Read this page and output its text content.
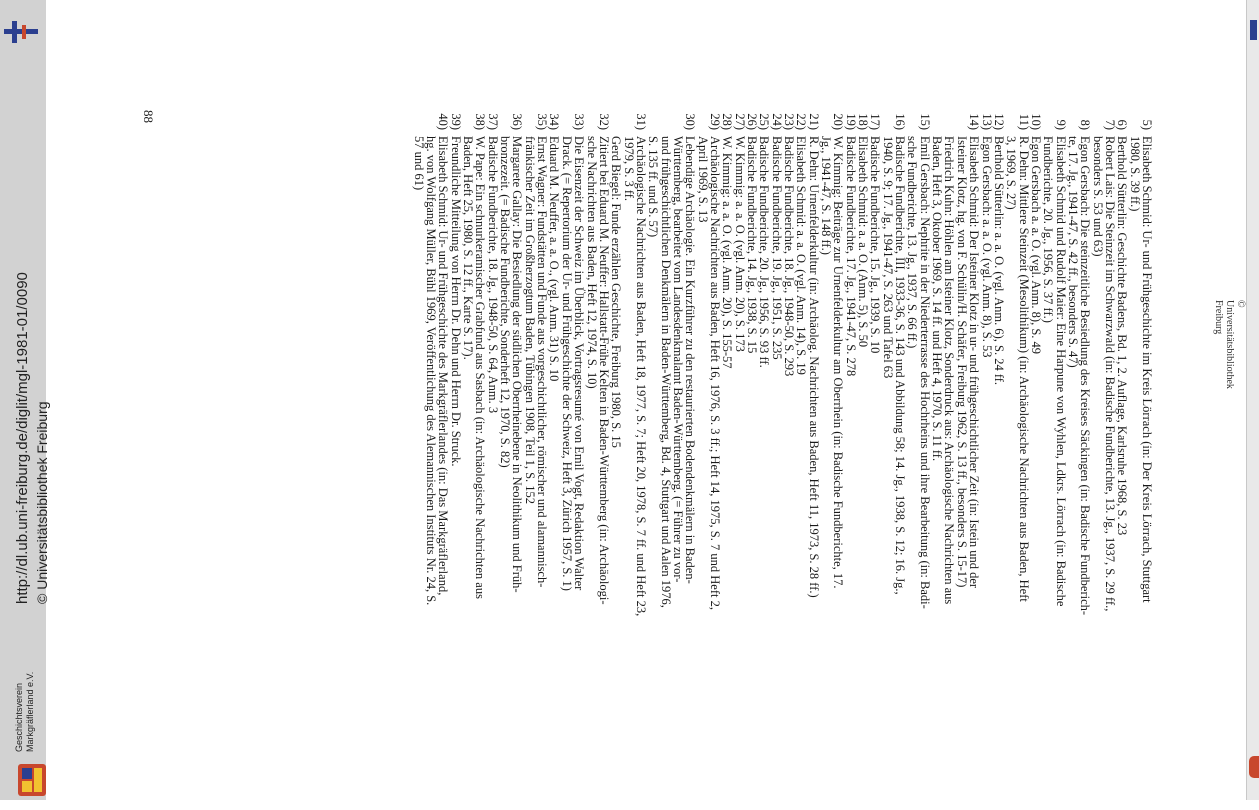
5)
Elisabeth Schmid: Ur- und Frühgeschichte im Kreis Lörrach (in: Der Kreis Lörrach, Stuttgart
1980, S. 39 ff.)
6)
Berthold Sütterlin: Geschichte Badens, Bd. 1, 2. Auflage, Karlsruhe 1968, S. 23
7)
Robert Lais: Die Steinzeit im Schwarzwald (in: Badische Fundberichte, 13. Jg., 1937, S. 29 ff.,
besonders S. 53 und 63)
8)
Egon Gersbach: Die steinzeitliche Besiedlung des Kreises Säckingen (in: Badische Fundberich-
te, 17. Jg., 1941-47, S. 42 ff., besonders S. 47)
9)
Elisabeth Schmid und Rudolf Maier: Eine Harpune von Wyhlen, Ldkrs. Lörrach (in: Badische
Fundberichte, 20. Jg., 1956, S. 37 ff.)
10)
Egon Gersbach a. a. O. (vgl. Anm. 8), S. 49
11)
R. Dehn: Mittlere Steinzeit (Mesolithikum) (in: Archäologische Nachrichten aus Baden, Heft
3, 1969, S. 27)
12)
Berthold Sütterlin: a. a. O. (vgl. Anm. 6), S. 24 ff.
13)
Egon Gersbach: a. a. O. (vgl. Anm. 8), S. 53
14)
Elisabeth Schmid: Der Isteiner Klotz in ur- und frühgeschichtlicher Zeit (in: Istein und der
Isteiner Klotz, hg. von F. Schülin/H. Schäfer, Freiburg 1962, S. 13 ff., besonders S. 15-17)
Friedrich Kuhn: Höhlen am Isteiner Klotz, Sonderdruck aus: Archäologische Nachrichten aus
Baden, Heft 3, Oktober 1969, S. 14 ff. und Heft 4, 1970, S. 11 ff.
15)
Emil Gersbach: Nephrite in der Niederterrasse des Hochrheins und ihre Bearbeitung (in: Badi-
sche Fundberichte, 13. Jg., 1937, S. 66 ff.)
16)
Badische Fundberichte, III, 1933-36, S. 143 und Abbildung 58; 14. Jg., 1938, S. 12; 16. Jg.,
1940, S. 9; 17. Jg., 1941-47, S. 263 und Tafel 63
17)
Badische Fundberichte, 15. Jg., 1939, S. 10
18)
Elisabeth Schmid: a. a. O. (Anm. 5), S. 50
19)
Badische Fundberichte, 17. Jg., 1941-47, S. 278
20)
W. Kimmig: Beiträge zur Urnenfelderkultur am Oberrhein (in: Badische Fundberichte, 17.
Jg., 1941-47, S. 148 ff.)
21)
R. Dehn: Urnenfelderkultur (in: Archäolog. Nachrichten aus Baden, Heft 11, 1973, S. 28 ff.)
22)
Elisabeth Schmid: a. a. O. (vgl. Anm. 14), S. 19
23)
Badische Fundberichte, 18. Jg., 1948-50, S. 293
24)
Badische Fundberichte, 19. Jg., 1951, S. 235
25)
Badische Fundberichte, 20. Jg., 1956, S. 93 ff.
26)
Badische Fundberichte, 14. Jg., 1938, S. 15
27)
W. Kimmig: a. a. O. (vgl. Anm. 20), S. 173
28)
W. Kimmig: a. a. O. (vgl. Anm. 20), S. 155-57
29)
Archäologische Nachrichten aus Baden, Heft 16, 1976, S. 3 ff.; Heft 14, 1975, S. 7 und Heft 2,
April 1969, S. 13
30)
Lebendige Archäologie. Ein Kurzführer zu den restaurierten Bodendenkmälern in Baden-
Württemberg, bearbeitet vom Landesdenkmalamt Baden-Württemberg. (= Führer zu vor-
und frühgeschichtlichen Denkmälern in Baden-Württemberg, Bd. 4, Stuttgart und Aalen 1976,
S. 135 ff. und S. 57)
31)
Archäologische Nachrichten aus Baden, Heft 18, 1977, S. 7; Heft 20, 1978, S. 7 ff. und Heft 23,
1979, S. 3 ff.
Gerd Biegel: Funde erzählen Geschichte, Freiburg 1980, S. 15
32)
Zitiert bei Eduard M. Neuffer: Hallstatt-Frühe Kelten in Baden-Württemberg (in: Archäologi-
sche Nachrichten aus Baden, Heft 12, 1974, S. 10)
33)
Die Eisenzeit der Schweiz im Überblick, Vortragsresumé von Emil Vogt, Redaktion Walter
Drack. (= Repertorium der Ur- und Frühgeschichte der Schweiz, Heft 3, Zürich 1957, S. 1)
34)
Eduard M. Neuffer, a. a. O., (vgl. Anm. 31) S. 10
35)
Ernst Wagner: Fundstätten und Funde aus vorgeschichtlicher, römischer und alamannisch-
fränkischer Zeit im Großherzogtum Baden, Tübingen 1908, Teil 1, S. 152
36)
Margarete Gallay: Die Besiedlung der südlichen Oberrheinebene in Neolithikum und Früh-
bronzezeit. (= Badische Fundberichte, Sonderheft 12, 1970, S. 82)
37)
Badische Fundberichte, 18. Jg., 1948-50, S. 64, Anm. 3
38)
W. Pape: Ein schnurkeramischer Grabfund aus Sasbach (in: Archäologische Nachrichten aus
Baden, Heft 25, 1980, S. 12 ff., Karte S. 17).
39)
Freundliche Mitteilung von Herrn Dr. Dehn und Herrn Dr. Struck.
40)
Elisabeth Schmid: Ur- und Frühgeschichte des Markgräflerlandes (in: Das Markgräflerland,
hg. von Wolfgang Müller, Bühl 1969, Veröffentlichung des Alemannischen Instituts Nr. 24, S.
57 und 61)
88
Geschichtsverein Markgräflerland e.V.
http://dl.ub.uni-freiburg.de/diglit/mgl-1981-01/0090 © Universitätsbibliothek Freiburg
© Universitätsbibliothek Freiburg
